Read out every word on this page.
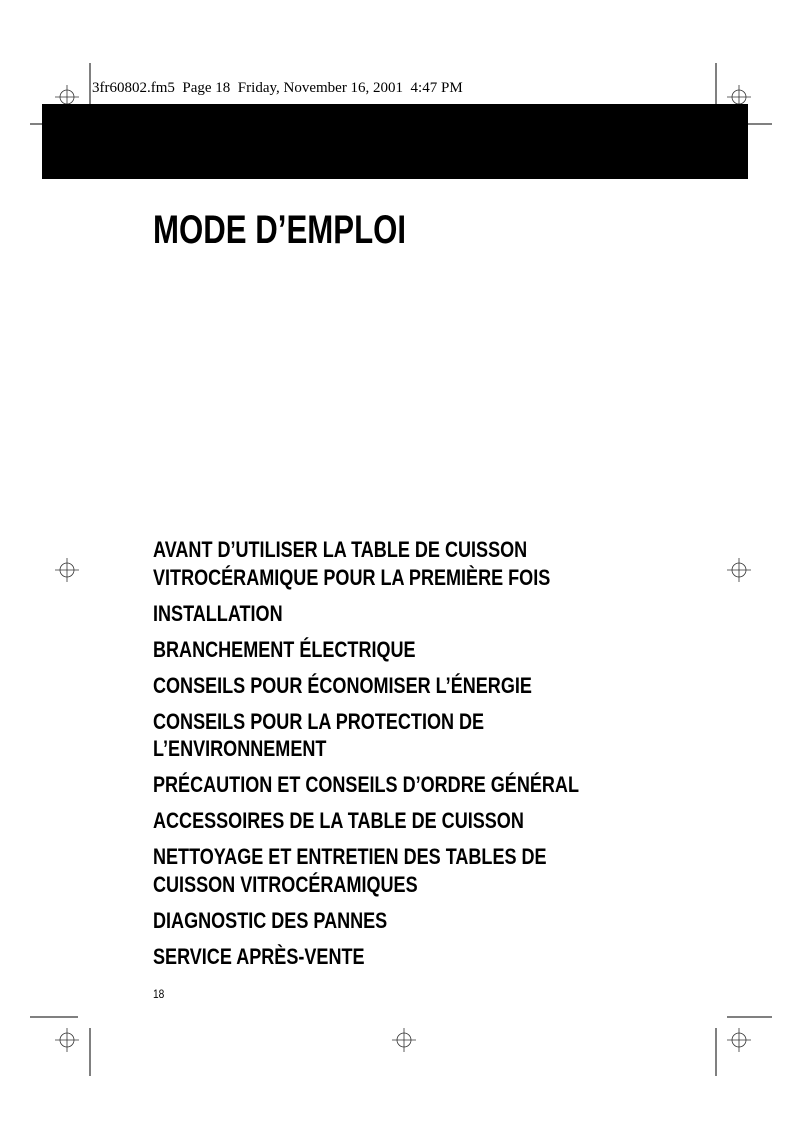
3fr60802.fm5  Page 18  Friday, November 16, 2001  4:47 PM
MODE D’EMPLOI
AVANT D’UTILISER LA TABLE DE CUISSON
VITROCÉRAMIQUE POUR LA PREMIÈRE FOIS
INSTALLATION
BRANCHEMENT ÉLECTRIQUE
CONSEILS POUR ÉCONOMISER L’ÉNERGIE
CONSEILS POUR LA PROTECTION DE
L’ENVIRONNEMENT
PRÉCAUTION ET CONSEILS D’ORDRE GÉNÉRAL
ACCESSOIRES DE LA TABLE DE CUISSON
NETTOYAGE ET ENTRETIEN DES TABLES DE
CUISSON VITROCÉRAMIQUES
DIAGNOSTIC DES PANNES
SERVICE APRÈS-VENTE
18
